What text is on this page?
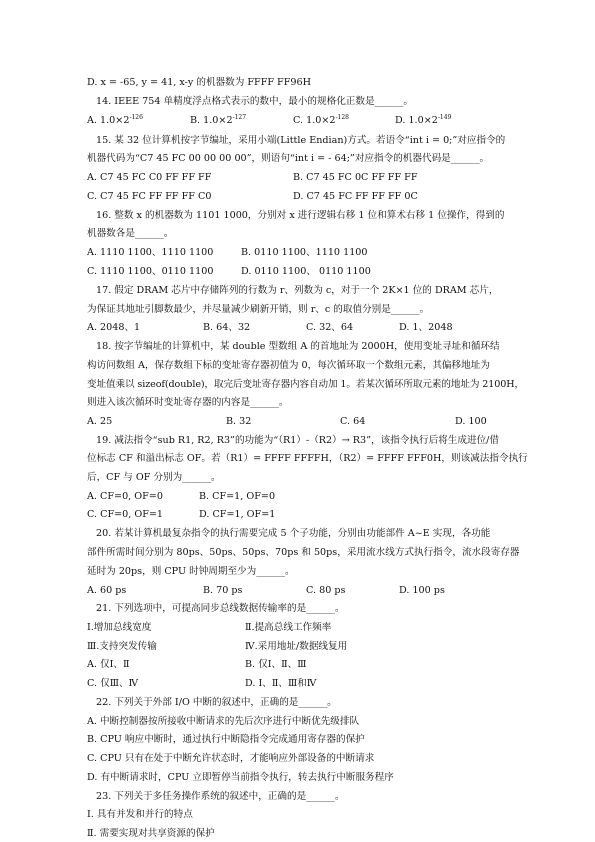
D. x = -65, y = 41, x-y 的机器数为 FFFF FF96H
14. IEEE 754 单精度浮点格式表示的数中，最小的规格化正数是______。
A. $1.0\times 2^{-126}$	B. $1.0\times 2^{-127}$	C. $1.0\times 2^{-128}$	D. $1.0\times 2^{-149}$
15. 某 32 位计算机按字节编址，采用小端(Little Endian)方式。若语令“int i = 0;”对应指令的
机器代码为“C7 45 FC 00 00 00 00”，则语句“int i = - 64;”对应指令的机器代码是______。
A. C7 45 FC C0 FF FF FF	B. C7 45 FC 0C FF FF FF
C. C7 45 FC FF FF FF C0	D. C7 45 FC FF FF FF 0C
16. 整数 x 的机器数为 1101 1000，分别对 x 进行逻辑右移 1 位和算术右移 1 位操作，得到的
机器数各是______。
A. 1110 1100、1110 1100	B. 0110 1100、1110 1100
C. 1110 1100、0110 1100	D. 0110 1100、 0110 1100
17. 假定 DRAM 芯片中存储阵列的行数为 r、列数为 c，对于一个 2K×1 位的 DRAM 芯片，
为保证其地址引脚数最少，并尽量减少刷新开销，则 r、c 的取值分别是______。
A. 2048、1	B. 64、32	C. 32、64	D. 1、2048
18. 按字节编址的计算机中，某 double 型数组 A 的首地址为 2000H，使用变址寻址和循环结
构访问数组 A，保存数组下标的变址寄存器初值为 0，每次循环取一个数组元素，其偏移地址为
变址值乘以 sizeof(double)，取完后变址寄存器内容自动加 1。若某次循环所取元素的地址为 2100H，
则进入该次循环时变址寄存器的内容是______。
A. 25	B. 32	C. 64	D. 100
19. 减法指令“sub R1, R2, R3”的功能为“（R1）-（R2）→ R3”，该指令执行后将生成进位/借
位标志 CF 和溢出标志 OF。若（R1）= FFFF FFFFH，（R2）= FFFF FFF0H，则该减法指令执行
后，CF 与 OF 分别为______。
A. CF=0, OF=0	B. CF=1, OF=0
C. CF=0, OF=1	D. CF=1, OF=1
20. 若某计算机最复杂指令的执行需要完成 5 个子功能，分别由功能部件 A~E 实现，各功能
部件所需时间分别为 80ps、50ps、50ps、70ps 和 50ps，采用流水线方式执行指令，流水段寄存器
延时为 20ps，则 CPU 时钟周期至少为______。
A. 60 ps	B. 70 ps	C. 80 ps	D. 100 ps
21. 下列选项中，可提高同步总线数据传输率的是______。
Ⅰ.增加总线宽度	Ⅱ.提高总线工作频率
Ⅲ.支持突发传输	Ⅳ.采用地址/数据线复用
A. 仅Ⅰ、Ⅱ	B. 仅Ⅰ、Ⅱ、Ⅲ
C. 仅Ⅲ、Ⅳ	D. Ⅰ、Ⅱ、Ⅲ和Ⅳ
22. 下列关于外部 I/O 中断的叙述中，正确的是______。
A. 中断控制器按所接收中断请求的先后次序进行中断优先级排队
B. CPU 响应中断时，通过执行中断隐指令完成通用寄存器的保护
C. CPU 只有在处于中断允许状态时，才能响应外部设备的中断请求
D. 有中断请求时，CPU 立即暂停当前指令执行，转去执行中断服务程序
23. 下列关于多任务操作系统的叙述中，正确的是______。
Ⅰ. 具有并发和并行的特点
Ⅱ. 需要实现对共享资源的保护
